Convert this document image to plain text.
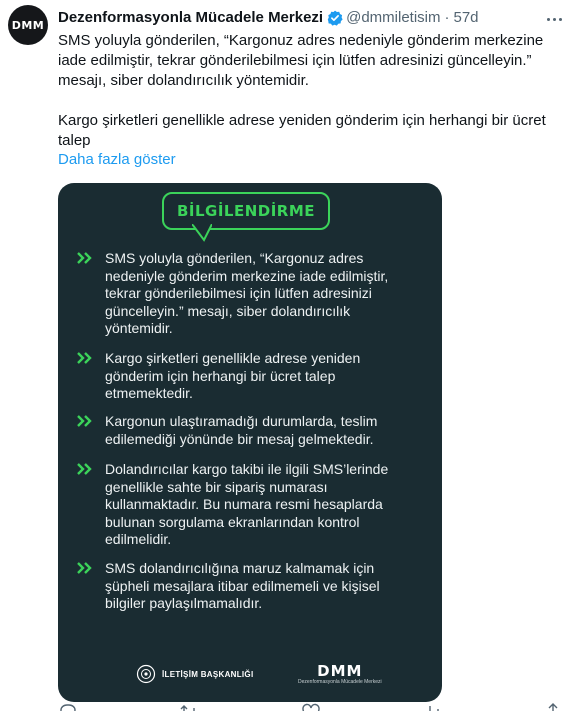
DMM Dezenformasyonla Mücadele Merkezi @dmmiletisim · 57d

SMS yoluyla gönderilen, “Kargonuz adres nedeniyle gönderim merkezine iade edilmiştir, tekrar gönderilebilmesi için lütfen adresinizi güncelleyin.” mesajı, siber dolandırıcılık yöntemidir.

Kargo şirketleri genellikle adrese yeniden gönderim için herhangi bir ücret talep

Daha fazla göster
BİLGİLENDİRME
SMS yoluyla gönderilen, “Kargonuz adres nedeniyle gönderim merkezine iade edilmiştir, tekrar gönderilebilmesi için lütfen adresinizi güncelleyin.” mesajı, siber dolandırıcılık yöntemidir.
Kargo şirketleri genellikle adrese yeniden gönderim için herhangi bir ücret talep etmemektedir.
Kargonun ulaştıramadığı durumlarda, teslim edilemediği yönünde bir mesaj gelmektedir.
Dolandırıcılar kargo takibi ile ilgili SMS’lerinde genellikle sahte bir sipariş numarası kullanmaktadır. Bu numara resmi hesaplarda bulunan sorgulama ekranlarından kontrol edilmelidir.
SMS dolandırıcılığına maruz kalmamak için şüpheli mesajlara itibar edilmemeli ve kişisel bilgiler paylaşılmamalıdır.
İLETİŞİM BAŞKANLIĞI	DMM
Dezenformasyonla Mücadele Merkezi
